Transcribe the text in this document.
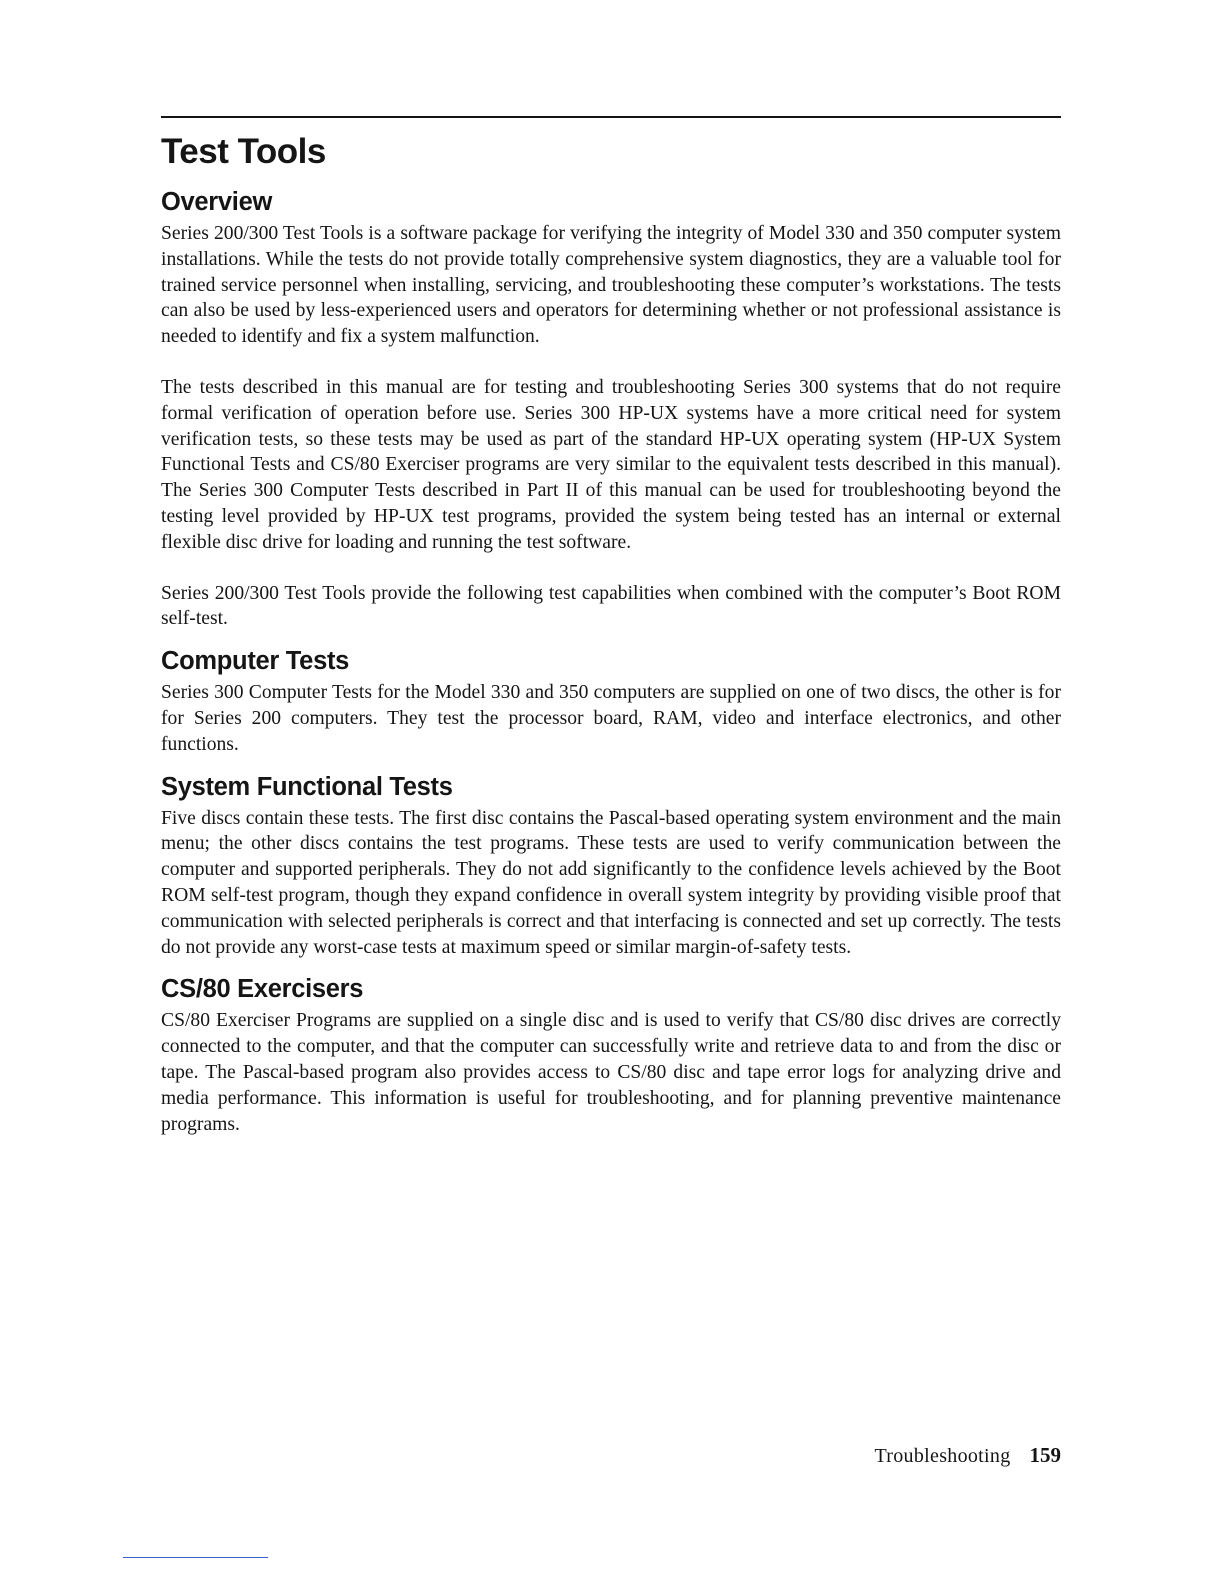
Test Tools
Overview

Series 200/300 Test Tools is a software package for verifying the integrity of Model 330 and 350 computer system installations. While the tests do not provide totally comprehensive system diagnostics, they are a valuable tool for trained service personnel when installing, servicing, and troubleshooting these computer’s workstations. The tests can also be used by less-experienced users and operators for determining whether or not professional assistance is needed to identify and fix a system malfunction.

The tests described in this manual are for testing and troubleshooting Series 300 systems that do not require formal verification of operation before use. Series 300 HP-UX systems have a more critical need for system verification tests, so these tests may be used as part of the standard HP-UX operating system (HP-UX System Functional Tests and CS/80 Exerciser programs are very similar to the equivalent tests described in this manual). The Series 300 Computer Tests described in Part II of this manual can be used for troubleshooting beyond the testing level provided by HP-UX test programs, provided the system being tested has an internal or external flexible disc drive for loading and running the test software.

Series 200/300 Test Tools provide the following test capabilities when combined with the computer’s Boot ROM self-test.

Computer Tests

Series 300 Computer Tests for the Model 330 and 350 computers are supplied on one of two discs, the other is for for Series 200 computers. They test the processor board, RAM, video and interface electronics, and other functions.

System Functional Tests

Five discs contain these tests. The first disc contains the Pascal-based operating system environment and the main menu; the other discs contains the test programs. These tests are used to verify communication between the computer and supported peripherals. They do not add significantly to the confidence levels achieved by the Boot ROM self-test program, though they expand confidence in overall system integrity by providing visible proof that communication with selected peripherals is correct and that interfacing is connected and set up correctly. The tests do not provide any worst-case tests at maximum speed or similar margin-of-safety tests.

CS/80 Exercisers

CS/80 Exerciser Programs are supplied on a single disc and is used to verify that CS/80 disc drives are correctly connected to the computer, and that the computer can successfully write and retrieve data to and from the disc or tape. The Pascal-based program also provides access to CS/80 disc and tape error logs for analyzing drive and media performance. This information is useful for troubleshooting, and for planning preventive maintenance programs.

Troubleshooting 159
